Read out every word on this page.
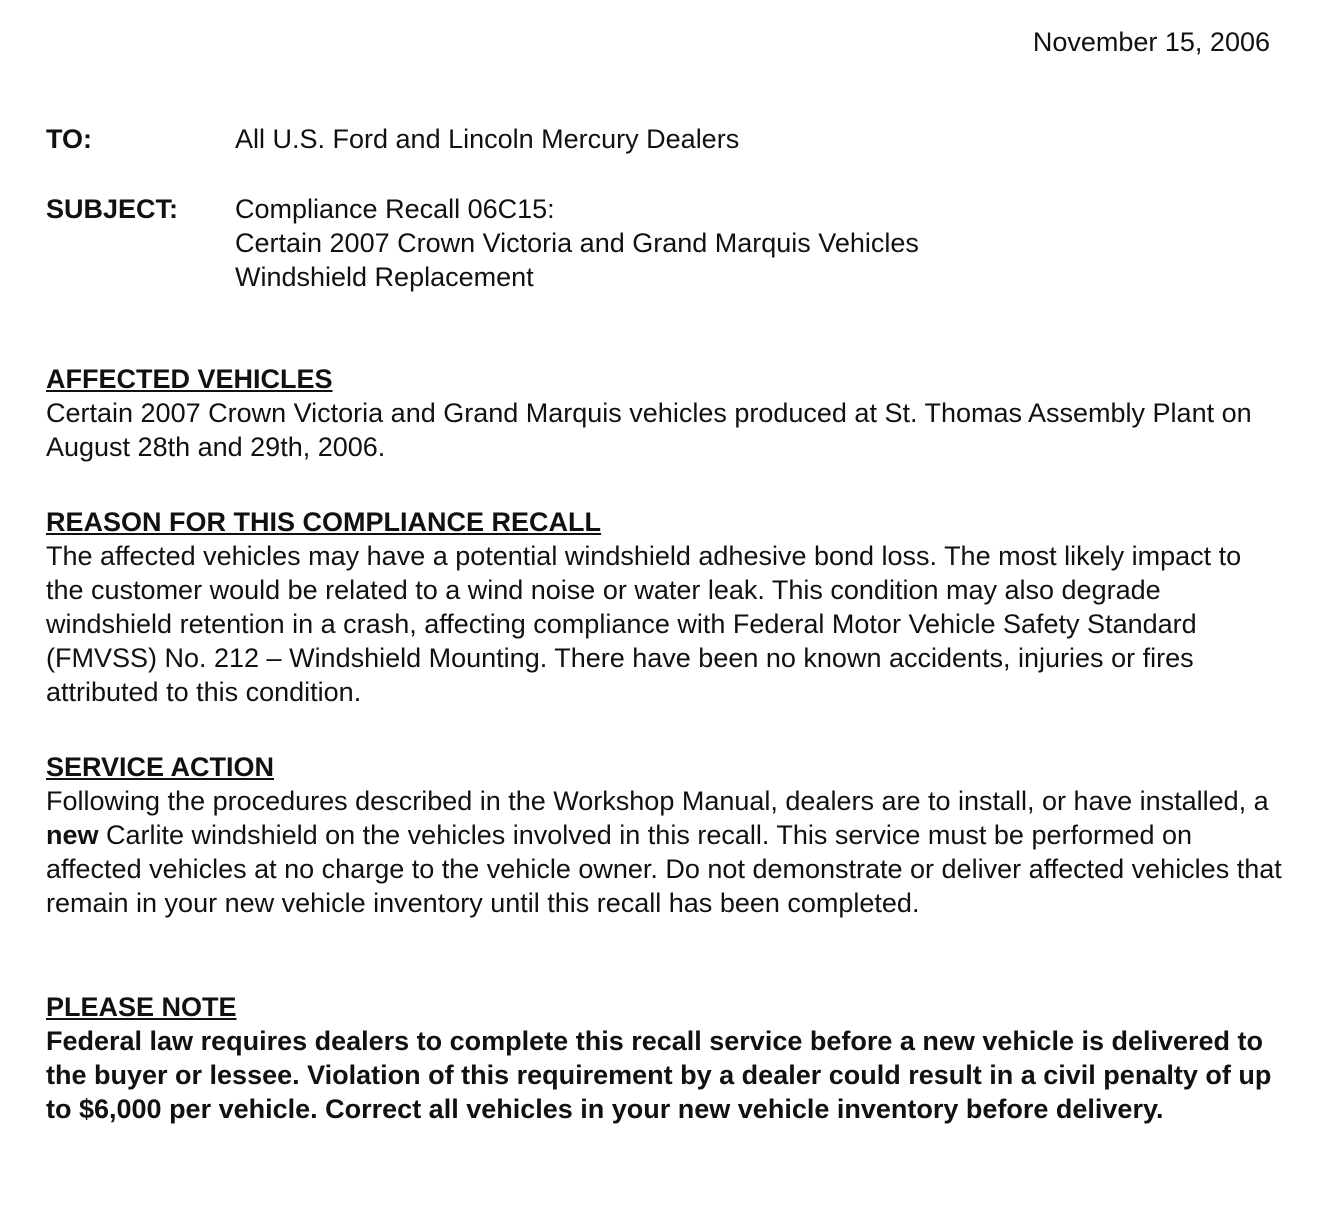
November 15, 2006
TO:	All U.S. Ford and Lincoln Mercury Dealers
SUBJECT:	Compliance Recall 06C15:
Certain 2007 Crown Victoria and Grand Marquis Vehicles
Windshield Replacement
AFFECTED VEHICLES

Certain 2007 Crown Victoria and Grand Marquis vehicles produced at St. Thomas Assembly Plant on August 28th and 29th, 2006.

REASON FOR THIS COMPLIANCE RECALL

The affected vehicles may have a potential windshield adhesive bond loss. The most likely impact to the customer would be related to a wind noise or water leak. This condition may also degrade windshield retention in a crash, affecting compliance with Federal Motor Vehicle Safety Standard (FMVSS) No. 212 – Windshield Mounting. There have been no known accidents, injuries or fires attributed to this condition.

SERVICE ACTION

Following the procedures described in the Workshop Manual, dealers are to install, or have installed, a new Carlite windshield on the vehicles involved in this recall. This service must be performed on affected vehicles at no charge to the vehicle owner. Do not demonstrate or deliver affected vehicles that remain in your new vehicle inventory until this recall has been completed.

PLEASE NOTE

Federal law requires dealers to complete this recall service before a new vehicle is delivered to the buyer or lessee. Violation of this requirement by a dealer could result in a civil penalty of up to $6,000 per vehicle. Correct all vehicles in your new vehicle inventory before delivery.
